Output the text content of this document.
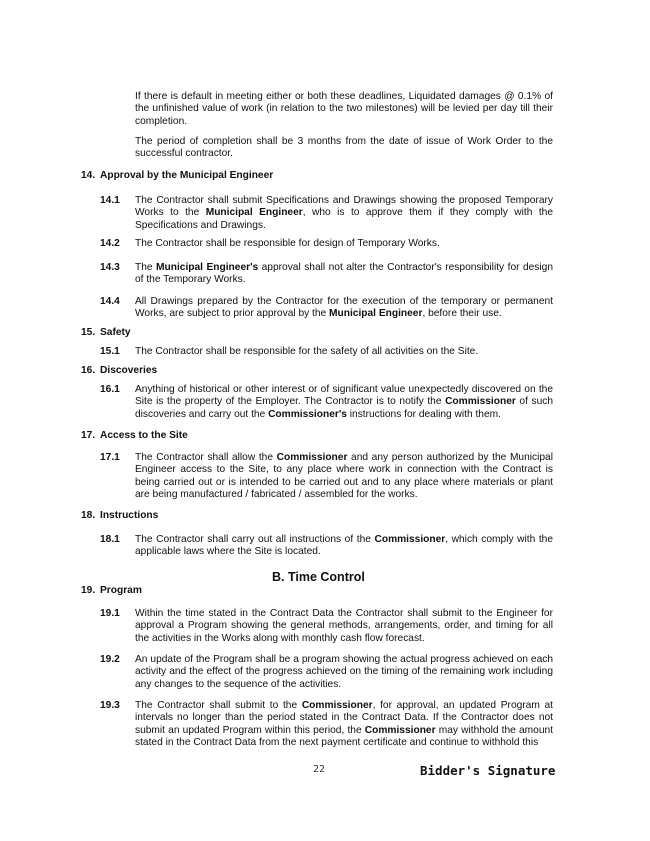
If there is default in meeting either or both these deadlines, Liquidated damages @ 0.1% of the unfinished value of work (in relation to the two milestones) will be levied per day till their completion.

The period of completion shall be 3 months from the date of issue of Work Order to the successful contractor.

14. Approval by the Municipal Engineer
14.1 The Contractor shall submit Specifications and Drawings showing the proposed Temporary Works to the Municipal Engineer, who is to approve them if they comply with the Specifications and Drawings.

14.2 The Contractor shall be responsible for design of Temporary Works.

14.3 The Municipal Engineer's approval shall not alter the Contractor's responsibility for design of the Temporary Works.

14.4 All Drawings prepared by the Contractor for the execution of the temporary or permanent Works, are subject to prior approval by the Municipal Engineer, before their use.

15. Safety
15.1 The Contractor shall be responsible for the safety of all activities on the Site.

16. Discoveries
16.1 Anything of historical or other interest or of significant value unexpectedly discovered on the Site is the property of the Employer. The Contractor is to notify the Commissioner of such discoveries and carry out the Commissioner's instructions for dealing with them.

17. Access to the Site
17.1 The Contractor shall allow the Commissioner and any person authorized by the Municipal Engineer access to the Site, to any place where work in connection with the Contract is being carried out or is intended to be carried out and to any place where materials or plant are being manufactured / fabricated / assembled for the works.

18. Instructions
18.1 The Contractor shall carry out all instructions of the Commissioner, which comply with the applicable laws where the Site is located.

B. Time Control
19. Program
19.1 Within the time stated in the Contract Data the Contractor shall submit to the Engineer for approval a Program showing the general methods, arrangements, order, and timing for all the activities in the Works along with monthly cash flow forecast.

19.2 An update of the Program shall be a program showing the actual progress achieved on each activity and the effect of the progress achieved on the timing of the remaining work including any changes to the sequence of the activities.

19.3 The Contractor shall submit to the Commissioner, for approval, an updated Program at intervals no longer than the period stated in the Contract Data. If the Contractor does not submit an updated Program within this period, the Commissioner may withhold the amount stated in the Contract Data from the next payment certificate and continue to withhold this

22	Bidder's Signature
